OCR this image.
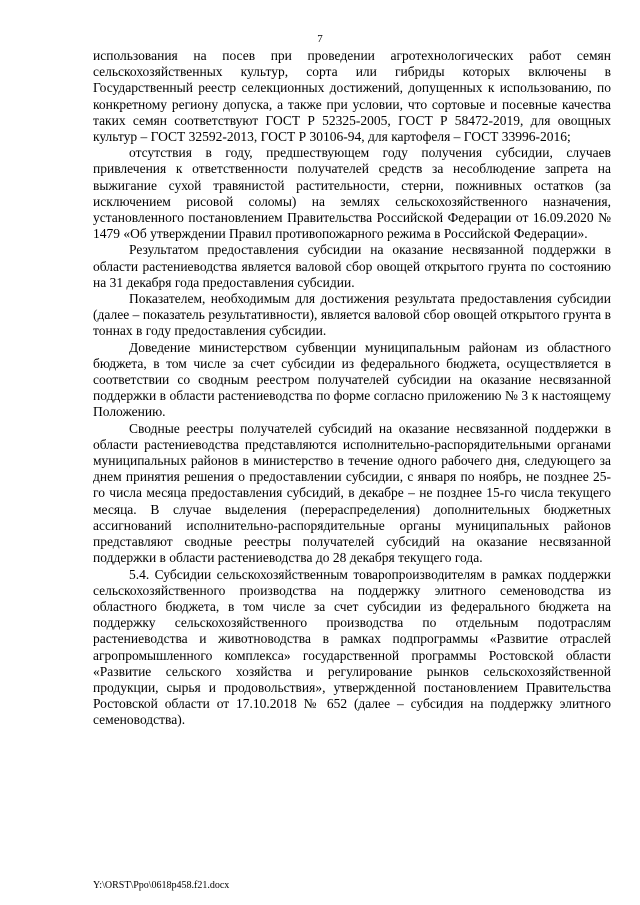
7

использования на посев при проведении агротехнологических работ семян сельскохозяйственных культур, сорта или гибриды которых включены в Государственный реестр селекционных достижений, допущенных к использованию, по конкретному региону допуска, а также при условии, что сортовые и посевные качества таких семян соответствуют ГОСТ Р 52325-2005, ГОСТ Р 58472-2019, для овощных культур – ГОСТ 32592-2013, ГОСТ Р 30106-94, для картофеля – ГОСТ 33996-2016;

отсутствия в году, предшествующем году получения субсидии, случаев привлечения к ответственности получателей средств за несоблюдение запрета на выжигание сухой травянистой растительности, стерни, пожнивных остатков (за исключением рисовой соломы) на землях сельскохозяйственного назначения, установленного постановлением Правительства Российской Федерации от 16.09.2020 № 1479 «Об утверждении Правил противопожарного режима в Российской Федерации».

Результатом предоставления субсидии на оказание несвязанной поддержки в области растениеводства является валовой сбор овощей открытого грунта по состоянию на 31 декабря года предоставления субсидии.

Показателем, необходимым для достижения результата предоставления субсидии (далее – показатель результативности), является валовой сбор овощей открытого грунта в тоннах в году предоставления субсидии.

Доведение министерством субвенции муниципальным районам из областного бюджета, в том числе за счет субсидии из федерального бюджета, осуществляется в соответствии со сводным реестром получателей субсидии на оказание несвязанной поддержки в области растениеводства по форме согласно приложению № 3 к настоящему Положению.

Сводные реестры получателей субсидий на оказание несвязанной поддержки в области растениеводства представляются исполнительно-распорядительными органами муниципальных районов в министерство в течение одного рабочего дня, следующего за днем принятия решения о предоставлении субсидии, с января по ноябрь, не позднее 25-го числа месяца предоставления субсидий, в декабре – не позднее 15-го числа текущего месяца. В случае выделения (перераспределения) дополнительных бюджетных ассигнований исполнительно-распорядительные органы муниципальных районов представляют сводные реестры получателей субсидий на оказание несвязанной поддержки в области растениеводства до 28 декабря текущего года.

5.4. Субсидии сельскохозяйственным товаропроизводителям в рамках поддержки сельскохозяйственного производства на поддержку элитного семеноводства из областного бюджета, в том числе за счет субсидии из федерального бюджета на поддержку сельскохозяйственного производства по отдельным подотраслям растениеводства и животноводства в рамках подпрограммы «Развитие отраслей агропромышленного комплекса» государственной программы Ростовской области «Развитие сельского хозяйства и регулирование рынков сельскохозяйственной продукции, сырья и продовольствия», утвержденной постановлением Правительства Ростовской области от 17.10.2018 № 652 (далее – субсидия на поддержку элитного семеноводства).

Y:\ORST\Ppo\0618p458.f21.docx
